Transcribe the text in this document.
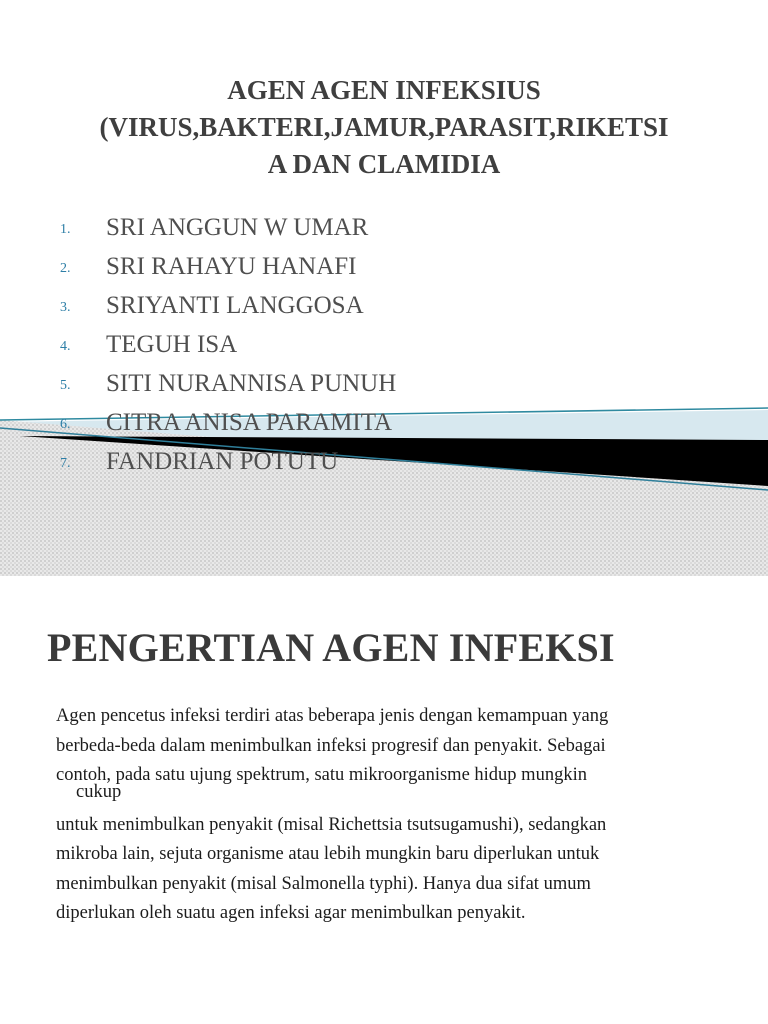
AGEN AGEN INFEKSIUS
(VIRUS,BAKTERI,JAMUR,PARASIT,RIKETSI
A DAN CLAMIDIA
1.	SRI ANGGUN W UMAR
2.	SRI RAHAYU HANAFI
3.	SRIYANTI LANGGOSA
4.	TEGUH ISA
5.	SITI NURANNISA PUNUH
6.	CITRA ANISA PARAMITA
7.	FANDRIAN POTUTU
PENGERTIAN AGEN INFEKSI
Agen pencetus infeksi terdiri atas beberapa jenis dengan kemampuan yang
berbeda-beda dalam menimbulkan infeksi progresif dan penyakit. Sebagai
contoh, pada satu ujung spektrum, satu mikroorganisme hidup mungkin
cukup
untuk menimbulkan penyakit (misal Richettsia tsutsugamushi), sedangkan
mikroba lain, sejuta organisme atau lebih mungkin baru diperlukan untuk
menimbulkan penyakit (misal Salmonella typhi). Hanya dua sifat umum
diperlukan oleh suatu agen infeksi agar menimbulkan penyakit.
